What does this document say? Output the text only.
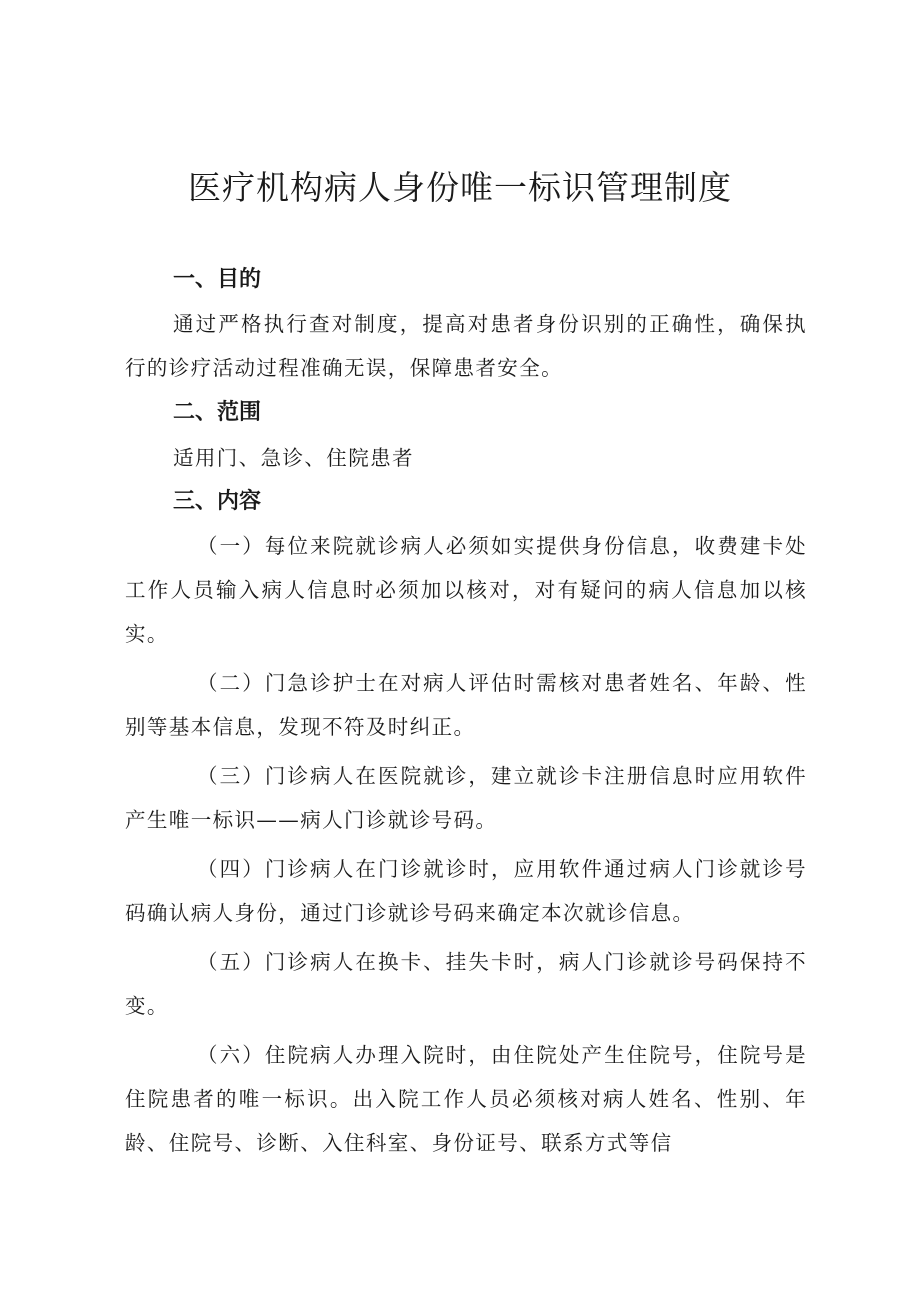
医疗机构病人身份唯一标识管理制度
一、目的

通过严格执行查对制度，提高对患者身份识别的正确性，确保执行的诊疗活动过程准确无误，保障患者安全。

二、范围

适用门、急诊、住院患者

三、内容

（一）每位来院就诊病人必须如实提供身份信息，收费建卡处工作人员输入病人信息时必须加以核对，对有疑问的病人信息加以核实。

（二）门急诊护士在对病人评估时需核对患者姓名、年龄、性别等基本信息，发现不符及时纠正。

（三）门诊病人在医院就诊，建立就诊卡注册信息时应用软件产生唯一标识——病人门诊就诊号码。

（四）门诊病人在门诊就诊时，应用软件通过病人门诊就诊号码确认病人身份，通过门诊就诊号码来确定本次就诊信息。

（五）门诊病人在换卡、挂失卡时，病人门诊就诊号码保持不变。

（六）住院病人办理入院时，由住院处产生住院号，住院号是住院患者的唯一标识。出入院工作人员必须核对病人姓名、性别、年龄、住院号、诊断、入住科室、身份证号、联系方式等信
